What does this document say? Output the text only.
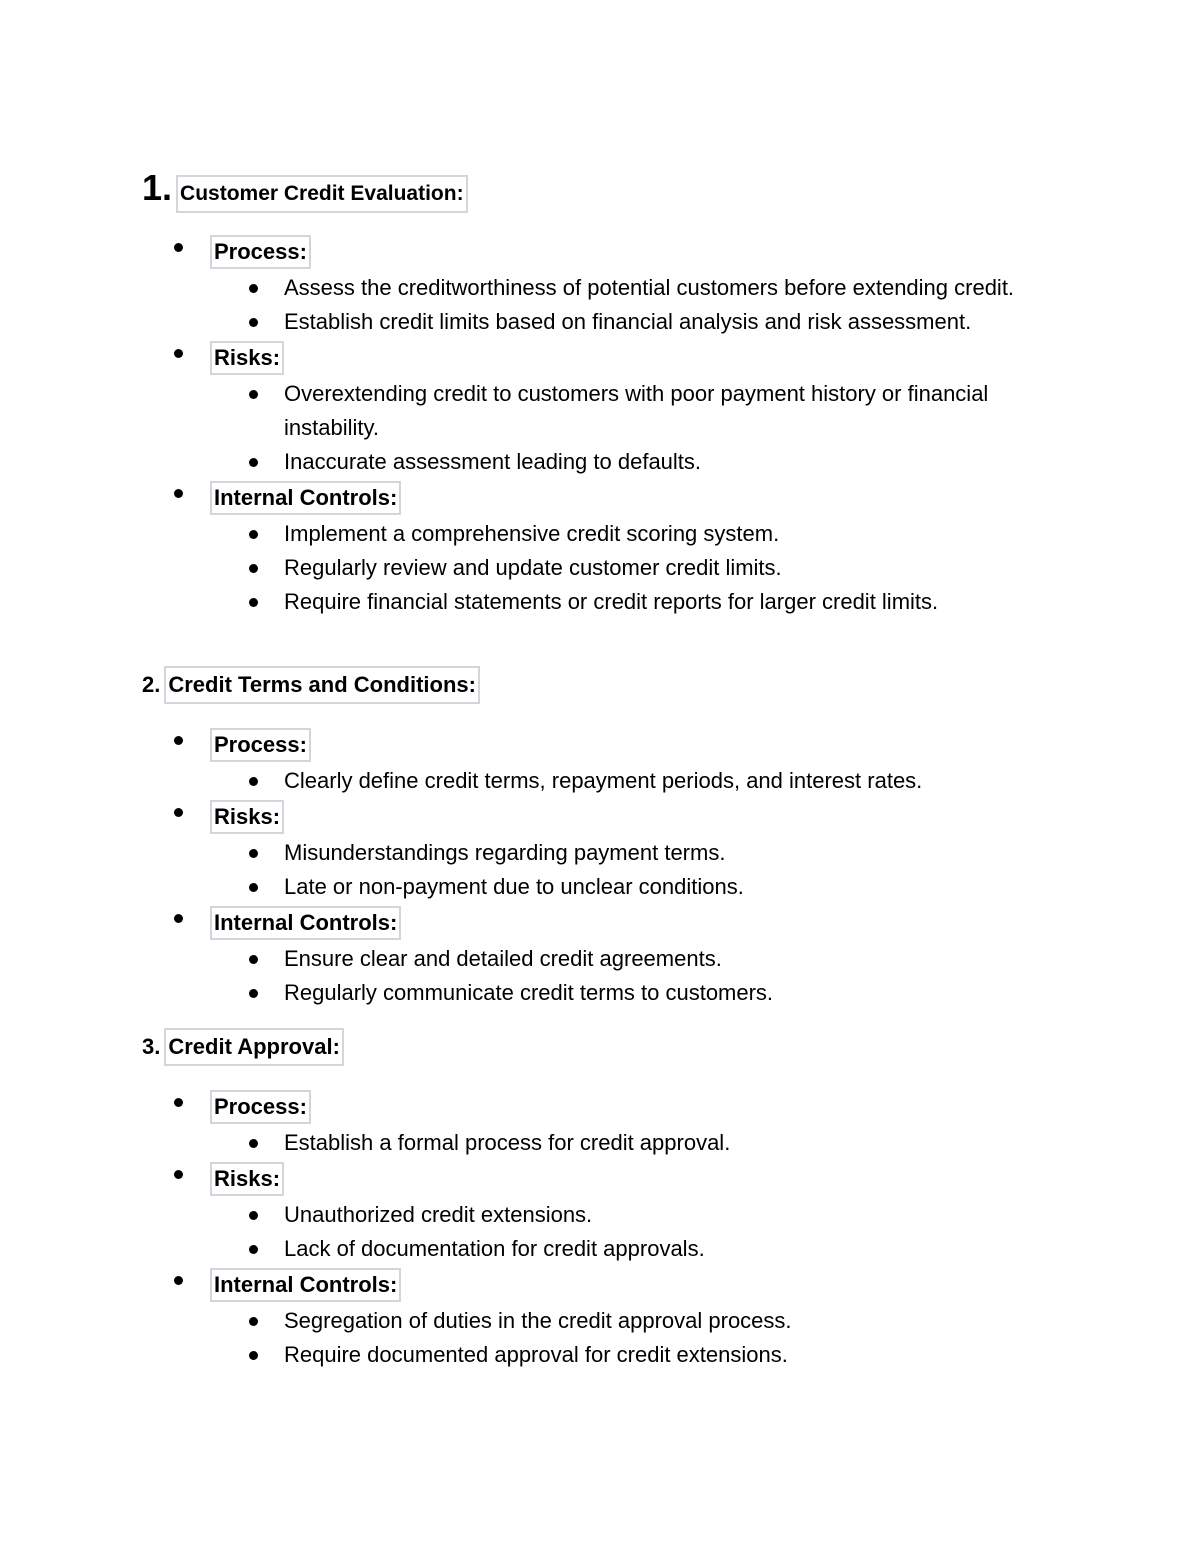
1. Customer Credit Evaluation:
Process:
Assess the creditworthiness of potential customers before extending credit.
Establish credit limits based on financial analysis and risk assessment.
Risks:
Overextending credit to customers with poor payment history or financial instability.
Inaccurate assessment leading to defaults.
Internal Controls:
Implement a comprehensive credit scoring system.
Regularly review and update customer credit limits.
Require financial statements or credit reports for larger credit limits.
2. Credit Terms and Conditions:
Process:
Clearly define credit terms, repayment periods, and interest rates.
Risks:
Misunderstandings regarding payment terms.
Late or non-payment due to unclear conditions.
Internal Controls:
Ensure clear and detailed credit agreements.
Regularly communicate credit terms to customers.
3. Credit Approval:
Process:
Establish a formal process for credit approval.
Risks:
Unauthorized credit extensions.
Lack of documentation for credit approvals.
Internal Controls:
Segregation of duties in the credit approval process.
Require documented approval for credit extensions.
